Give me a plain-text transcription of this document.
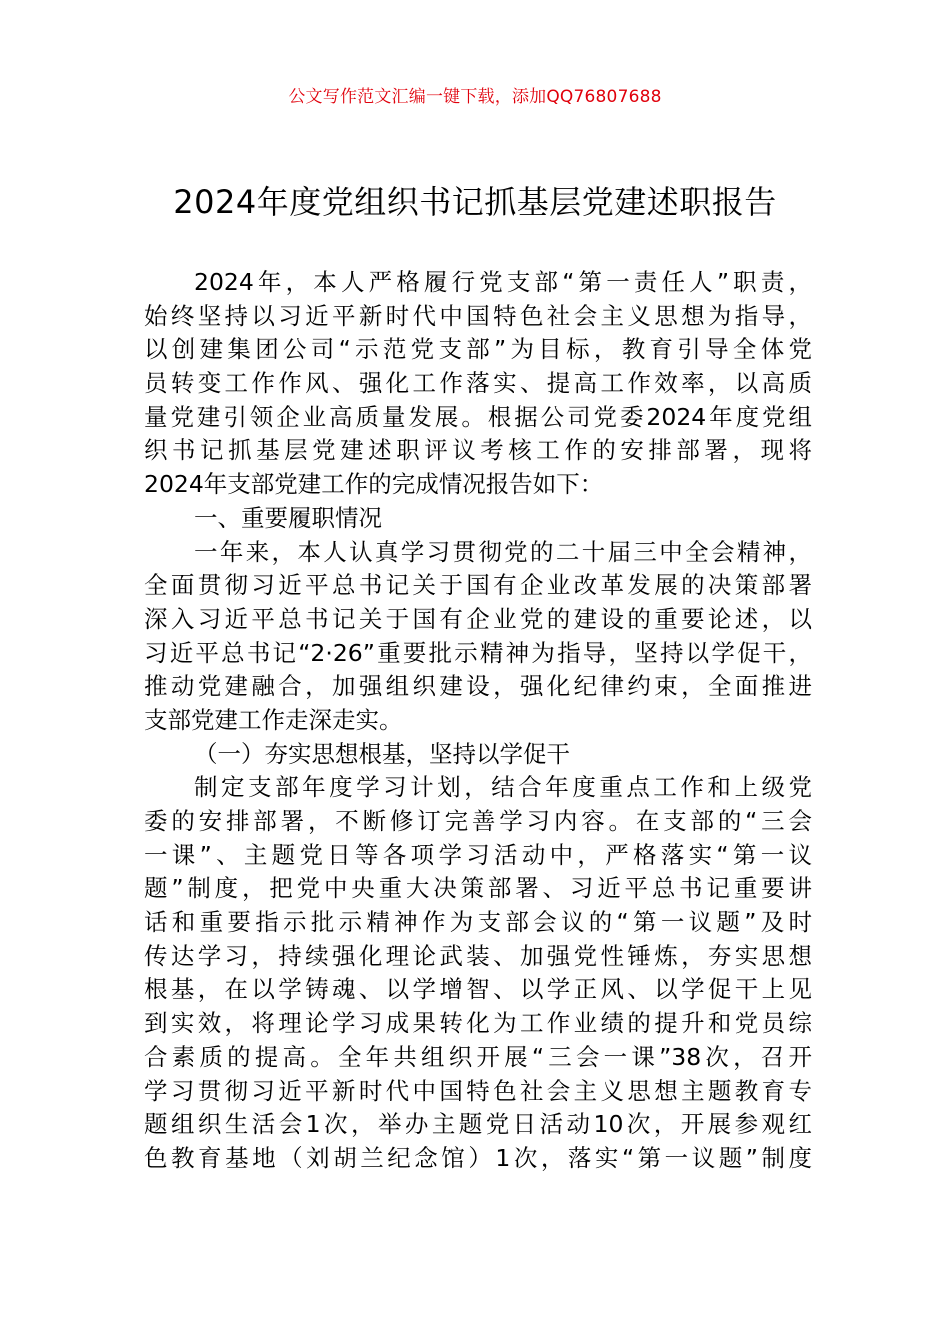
公文写作范文汇编一键下载，添加QQ76807688
2024年度党组织书记抓基层党建述职报告
2024年，本人严格履行党支部“第一责任人”职责，
始终坚持以习近平新时代中国特色社会主义思想为指导，
以创建集团公司“示范党支部”为目标，教育引导全体党
员转变工作作风、强化工作落实、提高工作效率，以高质
量党建引领企业高质量发展。根据公司党委2024年度党组
织书记抓基层党建述职评议考核工作的安排部署，现将
2024年支部党建工作的完成情况报告如下：
一、重要履职情况
一年来，本人认真学习贯彻党的二十届三中全会精神，
全面贯彻习近平总书记关于国有企业改革发展的决策部署
深入习近平总书记关于国有企业党的建设的重要论述，以
习近平总书记“2·26”重要批示精神为指导，坚持以学促干，
推动党建融合，加强组织建设，强化纪律约束，全面推进
支部党建工作走深走实。
（一）夯实思想根基，坚持以学促干
制定支部年度学习计划，结合年度重点工作和上级党
委的安排部署，不断修订完善学习内容。在支部的“三会
一课”、主题党日等各项学习活动中，严格落实“第一议
题”制度，把党中央重大决策部署、习近平总书记重要讲
话和重要指示批示精神作为支部会议的“第一议题”及时
传达学习，持续强化理论武装、加强党性锤炼，夯实思想
根基，在以学铸魂、以学增智、以学正风、以学促干上见
到实效，将理论学习成果转化为工作业绩的提升和党员综
合素质的提高。全年共组织开展“三会一课”38次，召开
学习贯彻习近平新时代中国特色社会主义思想主题教育专
题组织生活会1次，举办主题党日活动10次，开展参观红
色教育基地（刘胡兰纪念馆）1次，落实“第一议题”制度
